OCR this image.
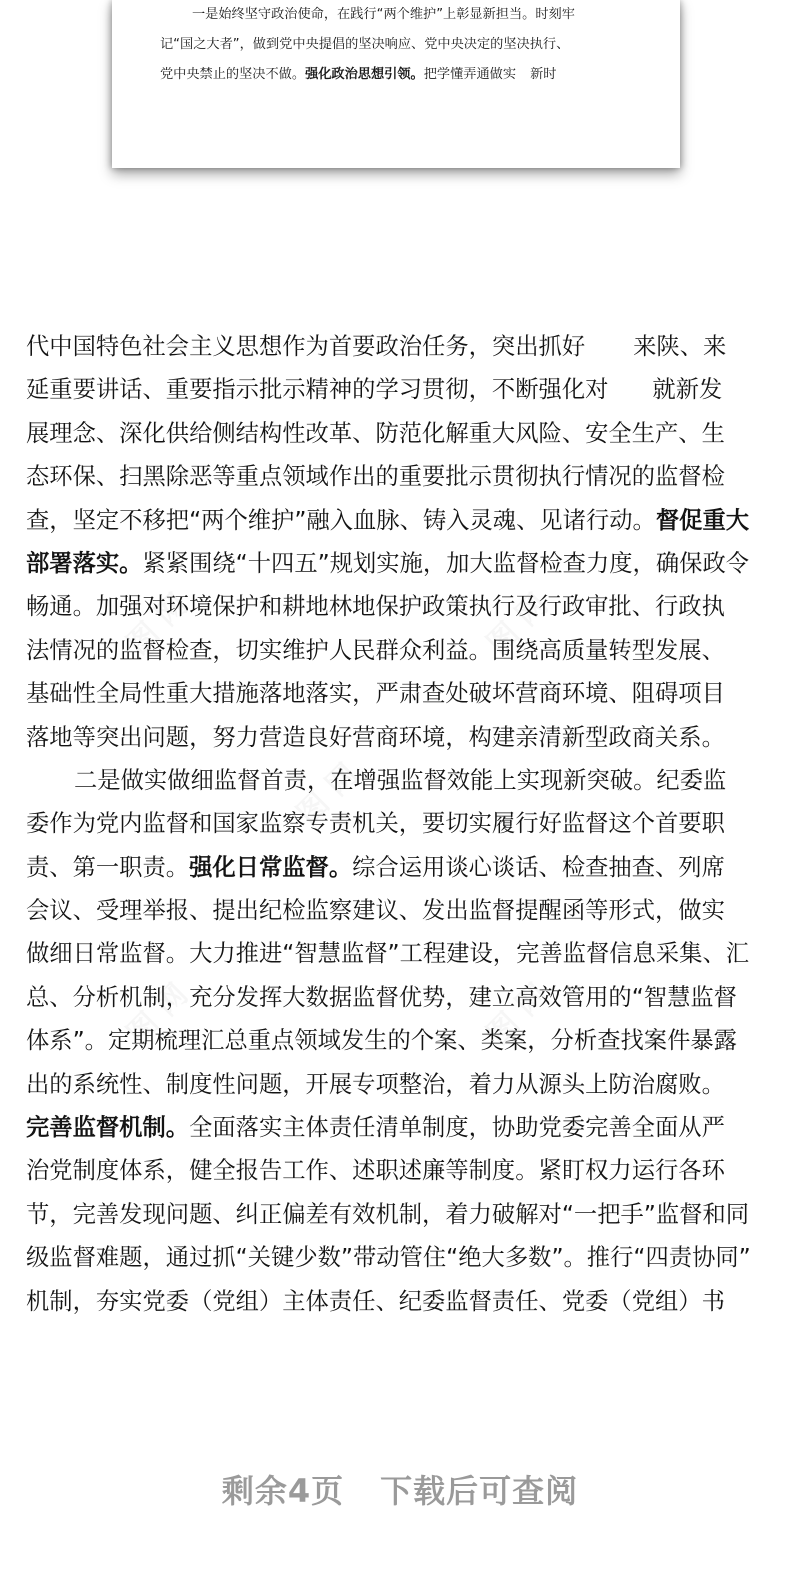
一是始终坚守政治使命，在践行“两个维护”上彰显新担当。时刻牢
记“国之大者”，做到党中央提倡的坚决响应、党中央决定的坚决执行、
党中央禁止的坚决不做。强化政治思想引领。把学懂弄通做实 新时
代中国特色社会主义思想作为首要政治任务，突出抓好 来陕、来
延重要讲话、重要指示批示精神的学习贯彻，不断强化对 就新发
展理念、深化供给侧结构性改革、防范化解重大风险、安全生产、生
态环保、扫黑除恶等重点领域作出的重要批示贯彻执行情况的监督检
查，坚定不移把“两个维护”融入血脉、铸入灵魂、见诸行动。督促重大
部署落实。紧紧围绕“十四五”规划实施，加大监督检查力度，确保政令
畅通。加强对环境保护和耕地林地保护政策执行及行政审批、行政执
法情况的监督检查，切实维护人民群众利益。围绕高质量转型发展、
基础性全局性重大措施落地落实，严肃查处破坏营商环境、阻碍项目
落地等突出问题，努力营造良好营商环境，构建亲清新型政商关系。
二是做实做细监督首责，在增强监督效能上实现新突破。纪委监
委作为党内监督和国家监察专责机关，要切实履行好监督这个首要职
责、第一职责。强化日常监督。综合运用谈心谈话、检查抽查、列席
会议、受理举报、提出纪检监察建议、发出监督提醒函等形式，做实
做细日常监督。大力推进“智慧监督”工程建设，完善监督信息采集、汇
总、分析机制，充分发挥大数据监督优势，建立高效管用的“智慧监督
体系”。定期梳理汇总重点领域发生的个案、类案，分析查找案件暴露
出的系统性、制度性问题，开展专项整治，着力从源头上防治腐败。
完善监督机制。全面落实主体责任清单制度，协助党委完善全面从严
治党制度体系，健全报告工作、述职述廉等制度。紧盯权力运行各环
节，完善发现问题、纠正偏差有效机制，着力破解对“一把手”监督和同
级监督难题，通过抓“关键少数”带动管住“绝大多数”。推行“四责协同”
机制，夯实党委（党组）主体责任、纪委监督责任、党委（党组）书
剩余4页 下载后可查阅
